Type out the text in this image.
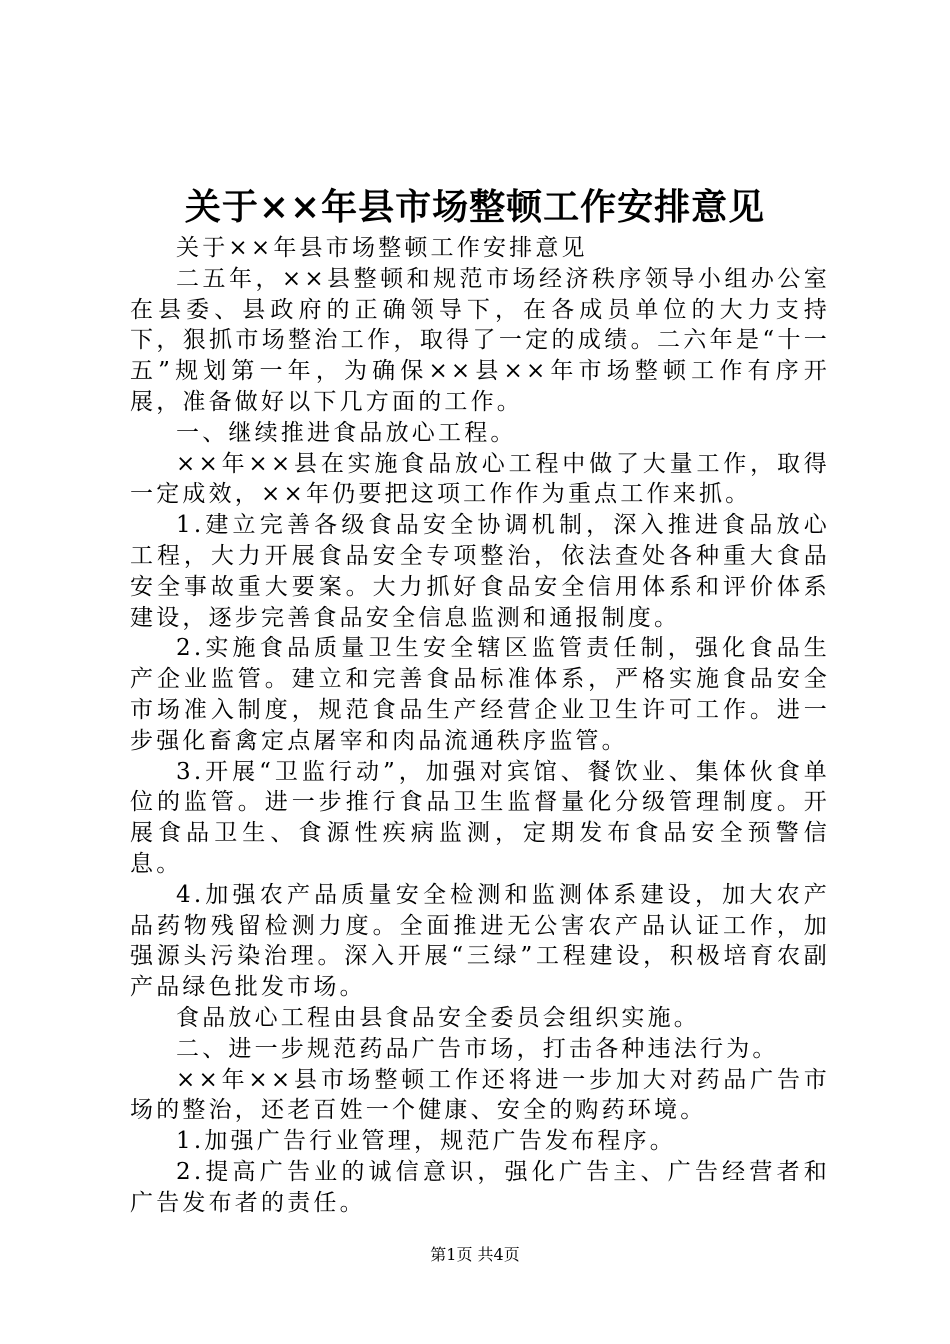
关于××年县市场整顿工作安排意见

关于××年县市场整顿工作安排意见

二五年，××县整顿和规范市场经济秩序领导小组办公室在县委、县政府的正确领导下，在各成员单位的大力支持下，狠抓市场整治工作，取得了一定的成绩。二六年是“十一五”规划第一年，为确保××县××年市场整顿工作有序开展，准备做好以下几方面的工作。

一、继续推进食品放心工程。

××年××县在实施食品放心工程中做了大量工作，取得一定成效，××年仍要把这项工作作为重点工作来抓。

1.建立完善各级食品安全协调机制，深入推进食品放心工程，大力开展食品安全专项整治，依法查处各种重大食品安全事故重大要案。大力抓好食品安全信用体系和评价体系建设，逐步完善食品安全信息监测和通报制度。

2.实施食品质量卫生安全辖区监管责任制，强化食品生产企业监管。建立和完善食品标准体系，严格实施食品安全市场准入制度，规范食品生产经营企业卫生许可工作。进一步强化畜禽定点屠宰和肉品流通秩序监管。

3.开展“卫监行动”，加强对宾馆、餐饮业、集体伙食单位的监管。进一步推行食品卫生监督量化分级管理制度。开展食品卫生、食源性疾病监测，定期发布食品安全预警信息。

4.加强农产品质量安全检测和监测体系建设，加大农产品药物残留检测力度。全面推进无公害农产品认证工作，加强源头污染治理。深入开展“三绿”工程建设，积极培育农副产品绿色批发市场。

食品放心工程由县食品安全委员会组织实施。

二、进一步规范药品广告市场，打击各种违法行为。

××年××县市场整顿工作还将进一步加大对药品广告市场的整治，还老百姓一个健康、安全的购药环境。

1.加强广告行业管理，规范广告发布程序。

2.提高广告业的诚信意识，强化广告主、广告经营者和广告发布者的责任。

第1页 共4页
